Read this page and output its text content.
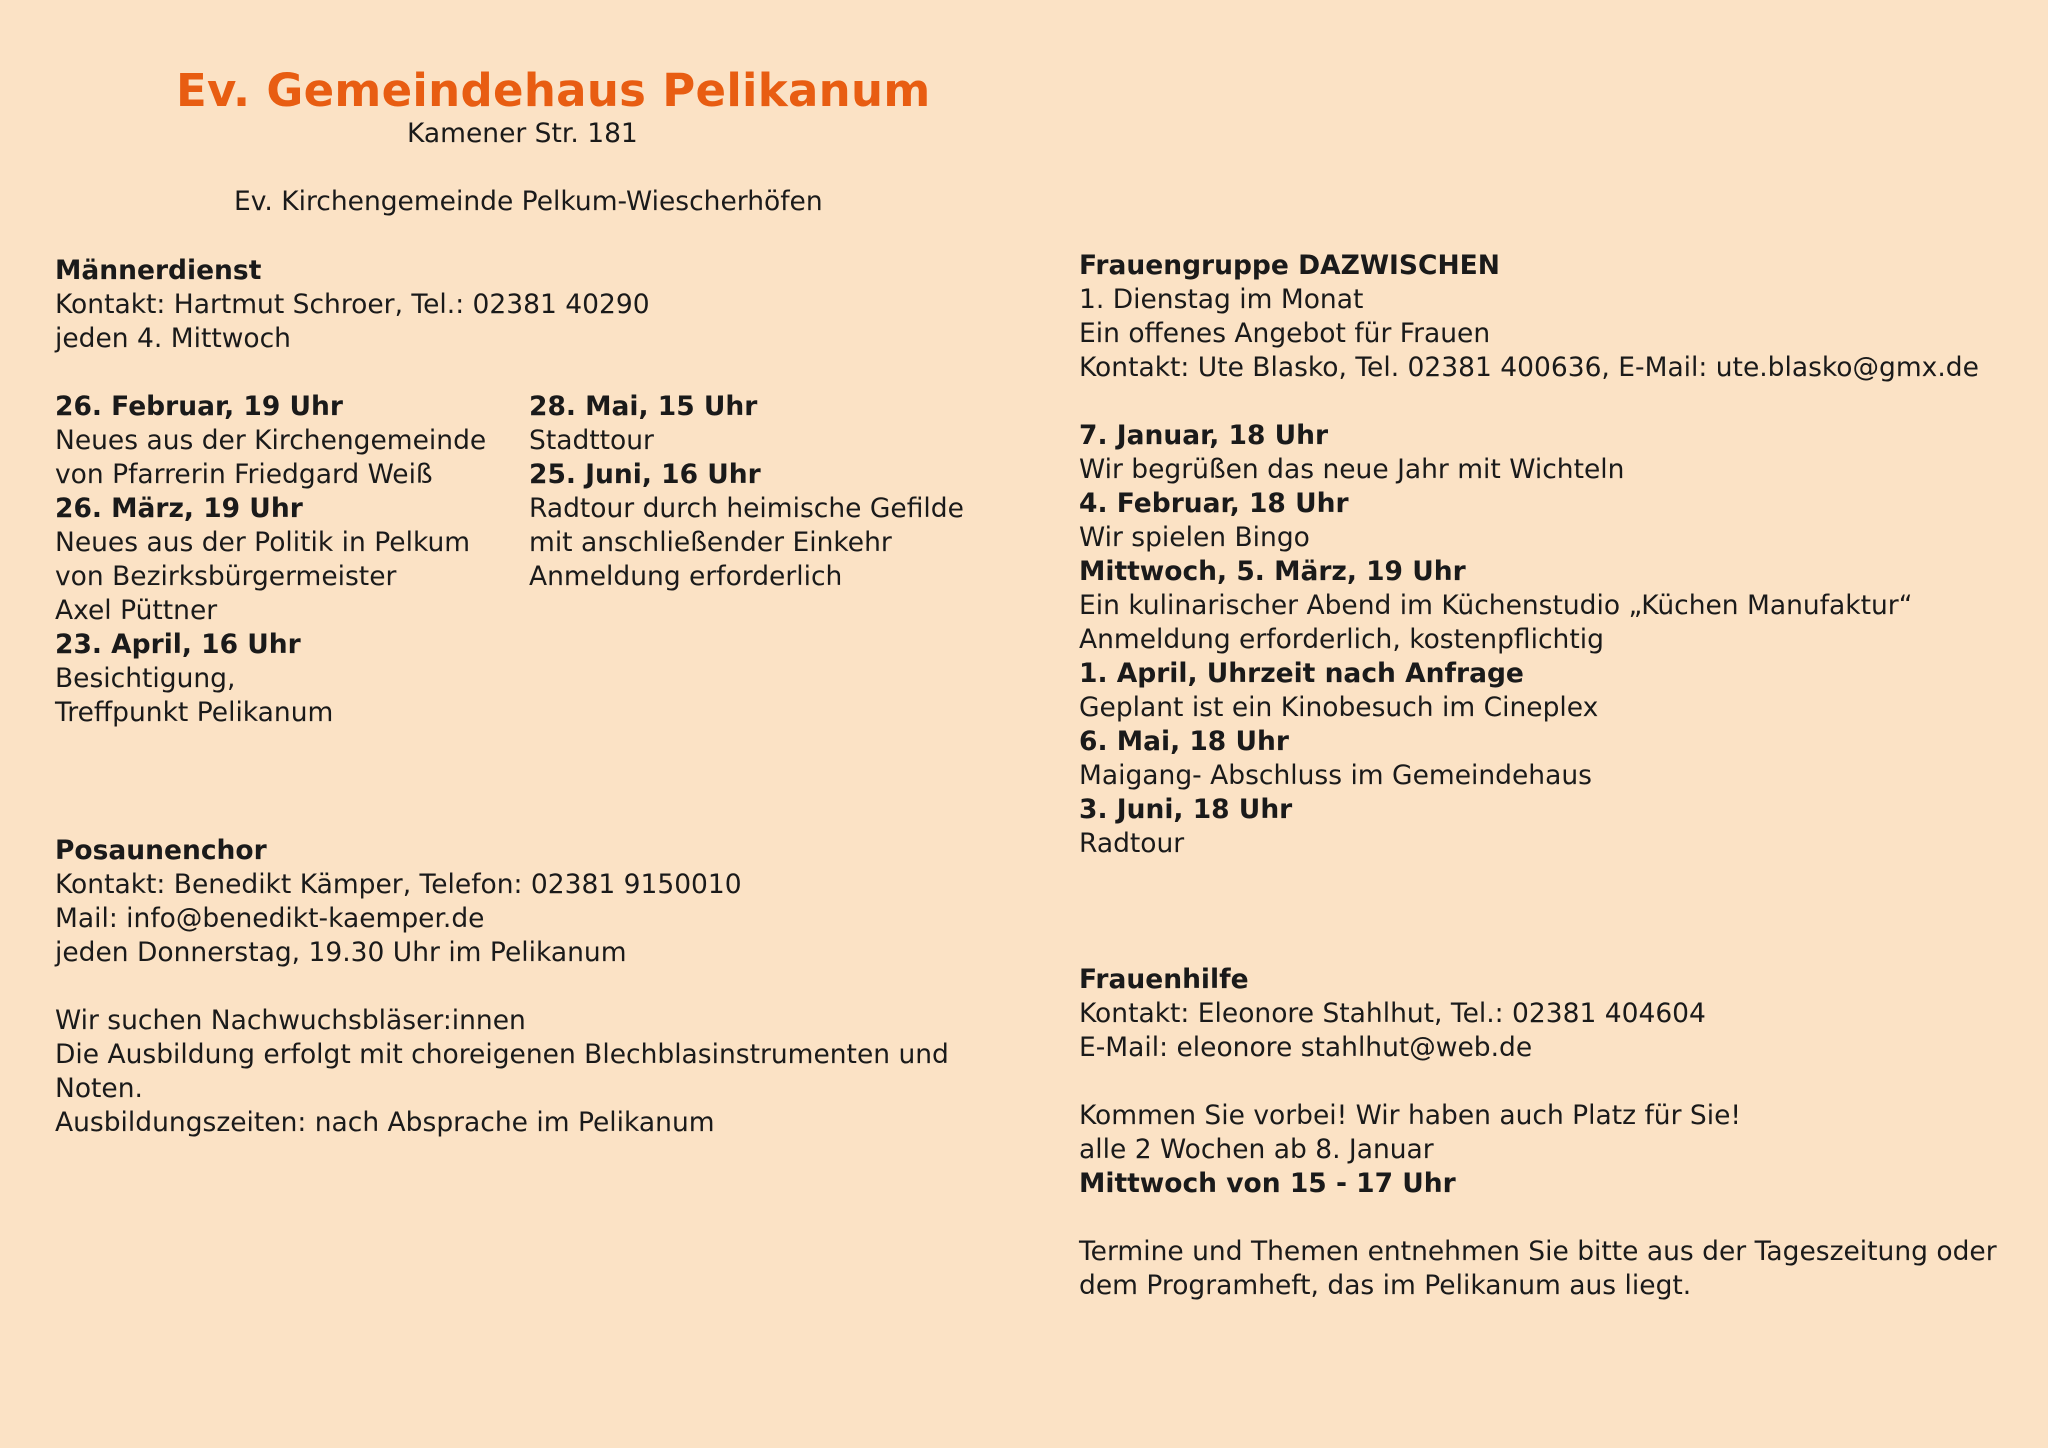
Ev. Gemeindehaus Pelikanum
Kamener Str. 181
Ev. Kirchengemeinde Pelkum-Wiescherhöfen
Männerdienst
Kontakt: Hartmut Schroer, Tel.: 02381 40290
jeden 4. Mittwoch
26. Februar, 19 Uhr
Neues aus der Kirchengemeinde
von Pfarrerin Friedgard Weiß
26. März, 19 Uhr
Neues aus der Politik in Pelkum
von Bezirksbürgermeister
Axel Püttner
23. April, 16 Uhr
Besichtigung,
Treffpunkt Pelikanum
28. Mai, 15 Uhr
Stadttour
25. Juni, 16 Uhr
Radtour durch heimische Gefilde
mit anschließender Einkehr
Anmeldung erforderlich
Posaunenchor
Kontakt: Benedikt Kämper, Telefon: 02381 9150010
Mail: info@benedikt-kaemper.de
jeden Donnerstag, 19.30 Uhr im Pelikanum
Wir suchen Nachwuchsbläser:innen
Die Ausbildung erfolgt mit choreigenen Blechblasinstrumenten und
Noten.
Ausbildungszeiten: nach Absprache im Pelikanum
Frauengruppe DAZWISCHEN
1. Dienstag im Monat
Ein offenes Angebot für Frauen
Kontakt: Ute Blasko, Tel. 02381 400636, E-Mail: ute.blasko@gmx.de
7. Januar, 18 Uhr
Wir begrüßen das neue Jahr mit Wichteln
4. Februar, 18 Uhr
Wir spielen Bingo
Mittwoch, 5. März, 19 Uhr
Ein kulinarischer Abend im Küchenstudio „Küchen Manufaktur“
Anmeldung erforderlich, kostenpflichtig
1. April, Uhrzeit nach Anfrage
Geplant ist ein Kinobesuch im Cineplex
6. Mai, 18 Uhr
Maigang- Abschluss im Gemeindehaus
3. Juni, 18 Uhr
Radtour
Frauenhilfe
Kontakt: Eleonore Stahlhut, Tel.: 02381 404604
E-Mail: eleonore stahlhut@web.de
Kommen Sie vorbei! Wir haben auch Platz für Sie!
alle 2 Wochen ab 8. Januar
Mittwoch von 15 - 17 Uhr
Termine und Themen entnehmen Sie bitte aus der Tageszeitung oder
dem Programheft, das im Pelikanum aus liegt.
